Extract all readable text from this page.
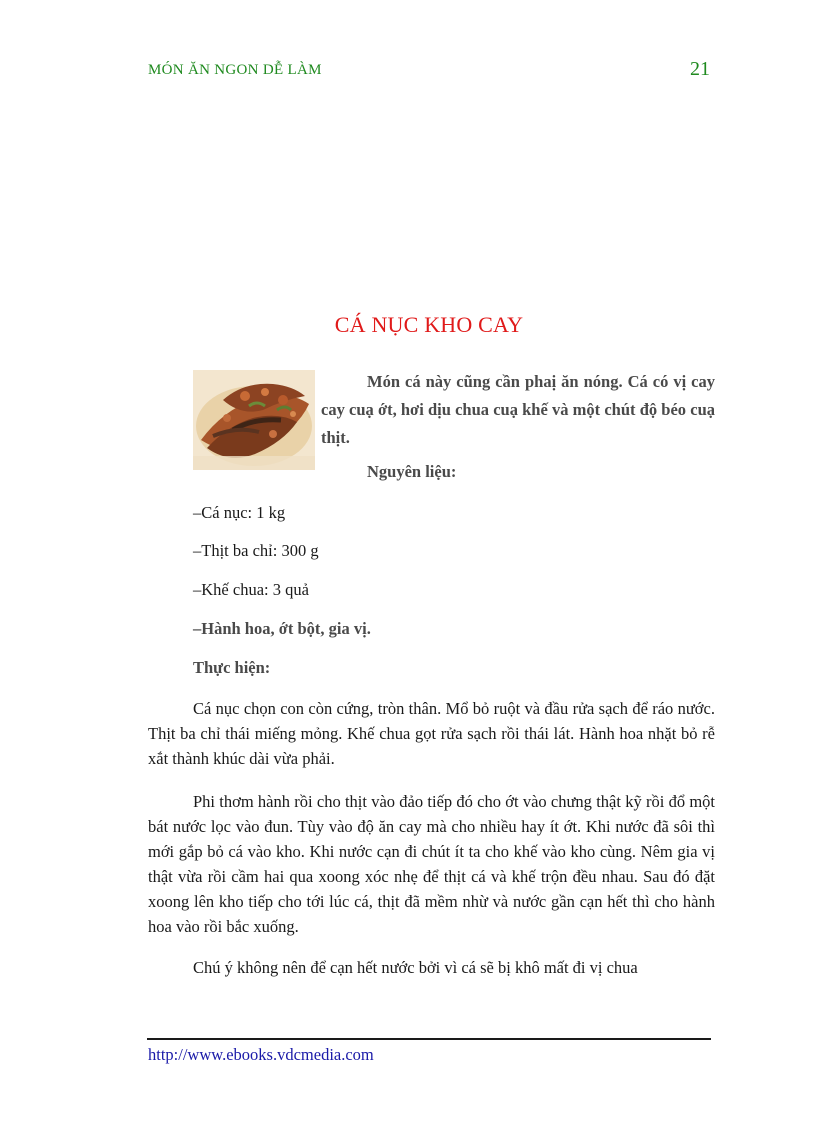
MÓN ĂN NGON DỄ LÀM	21
CÁ NỤC KHO CAY
Món cá này cũng cần phaị ăn nóng. Cá có vị cay cay cuạ ớt, hơi dịu chua cuạ khế và một chút độ béo cuạ thịt.
Nguyên liệu:
–Cá nục: 1 kg
–Thịt ba chỉ: 300 g
–Khế chua: 3 quả
–Hành hoa, ớt bột, gia vị.
Thực hiện:
Cá nục chọn con còn cứng, tròn thân. Mổ bỏ ruột và đầu rửa sạch để ráo nước. Thịt ba chỉ thái miếng mỏng. Khế chua gọt rửa sạch rồi thái lát. Hành hoa nhặt bỏ rễ xắt thành khúc dài vừa phải.
Phi thơm hành rồi cho thịt vào đảo tiếp đó cho ớt vào chưng thật kỹ rồi đổ một bát nước lọc vào đun. Tùy vào độ ăn cay mà cho nhiều hay ít ớt. Khi nước đã sôi thì mới gắp bỏ cá vào kho. Khi nước cạn đi chút ít ta cho khế vào kho cùng. Nêm gia vị thật vừa rồi cầm hai qua xoong xóc nhẹ để thịt cá và khế trộn đều nhau. Sau đó đặt xoong lên kho tiếp cho tới lúc cá, thịt đã mềm nhừ và nước gần cạn hết thì cho hành hoa vào rồi bắc xuống.
Chú ý không nên để cạn hết nước bởi vì cá sẽ bị khô mất đi vị chua
http://www.ebooks.vdcmedia.com
